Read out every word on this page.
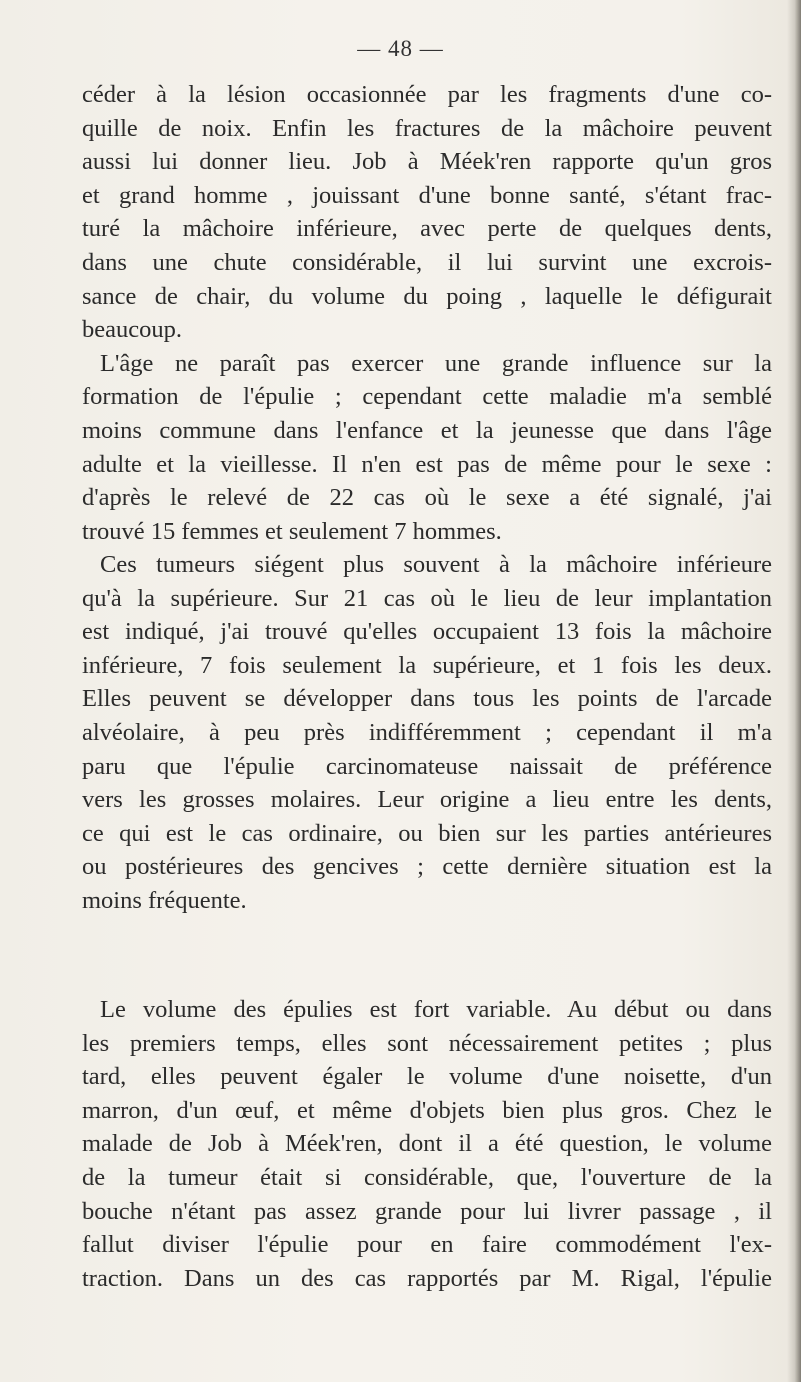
— 48 —
céder à la lésion occasionnée par les fragments d'une co-
quille de noix. Enfin les fractures de la mâchoire peuvent
aussi lui donner lieu. Job à Méek'ren rapporte qu'un gros
et grand homme , jouissant d'une bonne santé, s'étant frac-
turé la mâchoire inférieure, avec perte de quelques dents,
dans une chute considérable, il lui survint une excrois-
sance de chair, du volume du poing , laquelle le défigurait
beaucoup.
L'âge ne paraît pas exercer une grande influence sur la
formation de l'épulie ; cependant cette maladie m'a semblé
moins commune dans l'enfance et la jeunesse que dans l'âge
adulte et la vieillesse. Il n'en est pas de même pour le sexe :
d'après le relevé de 22 cas où le sexe a été signalé, j'ai
trouvé 15 femmes et seulement 7 hommes.
Ces tumeurs siégent plus souvent à la mâchoire inférieure
qu'à la supérieure. Sur 21 cas où le lieu de leur implantation
est indiqué, j'ai trouvé qu'elles occupaient 13 fois la mâchoire
inférieure, 7 fois seulement la supérieure, et 1 fois les deux.
Elles peuvent se développer dans tous les points de l'arcade
alvéolaire, à peu près indifféremment ; cependant il m'a
paru que l'épulie carcinomateuse naissait de préférence
vers les grosses molaires. Leur origine a lieu entre les dents,
ce qui est le cas ordinaire, ou bien sur les parties antérieures
ou postérieures des gencives ; cette dernière situation est la
moins fréquente.
Le volume des épulies est fort variable. Au début ou dans
les premiers temps, elles sont nécessairement petites ; plus
tard, elles peuvent égaler le volume d'une noisette, d'un
marron, d'un œuf, et même d'objets bien plus gros. Chez le
malade de Job à Méek'ren, dont il a été question, le volume
de la tumeur était si considérable, que, l'ouverture de la
bouche n'étant pas assez grande pour lui livrer passage , il
fallut diviser l'épulie pour en faire commodément l'ex-
traction. Dans un des cas rapportés par M. Rigal, l'épulie
